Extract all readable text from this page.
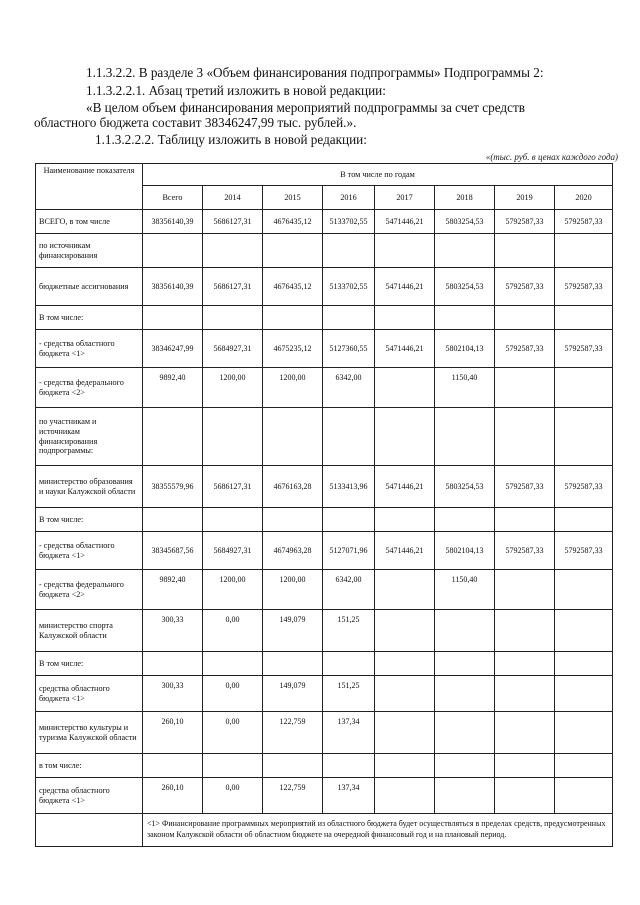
1.1.3.2.2. В разделе 3 «Объем финансирования подпрограммы» Подпрограммы 2:
1.1.3.2.2.1. Абзац третий изложить в новой редакции:
«В целом объем финансирования мероприятий подпрограммы за счет средств
областного бюджета составит 38346247,99 тыс. рублей.».
1.1.3.2.2.2. Таблицу изложить в новой редакции:
«(тыс. руб. в ценах каждого года)
Наименование показателя	В том числе по годам							
	Всего	2014	2015	2016	2017	2018	2019	2020
ВСЕГО, в том числе	38356140,39	5686127,31	4676435,12	5133702,55	5471446,21	5803254,53	5792587,33	5792587,33
по источникам финансирования								
бюджетные ассигнования	38356140,39	5686127,31	4676435,12	5133702,55	5471446,21	5803254,53	5792587,33	5792587,33
В том числе:								
- средства областного бюджета <1>	38346247,99	5684927,31	4675235,12	5127360,55	5471446,21	5802104,13	5792587,33	5792587,33
- средства федерального бюджета <2>	9892,40	1200,00	1200,00	6342,00		1150,40		
по участникам и источникам финансирования подпрограммы:								
министерство образования и науки Калужской области	38355579,96	5686127,31	4676163,28	5133413,96	5471446,21	5803254,53	5792587,33	5792587,33
В том числе:								
- средства областного бюджета <1>	38345687,56	5684927,31	4674963,28	5127071,96	5471446,21	5802104,13	5792587,33	5792587,33
- средства федерального бюджета <2>	9892,40	1200,00	1200,00	6342,00		1150,40		
министерство спорта Калужской области	300,33	0,00	149,079	151,25				
В том числе:								
средства областного бюджета <1>	300,33	0,00	149,079	151,25				
министерство культуры и туризма Калужской области	260,10	0,00	122,759	137,34				
в том числе:								
средства областного бюджета <1>	260,10	0,00	122,759	137,34				
	<1> Финансирование программных мероприятий из областного бюджета будет осуществляться в пределах средств, предусмотренных законом Калужской области об областном бюджете на очередной финансовый год и на плановый период.							
